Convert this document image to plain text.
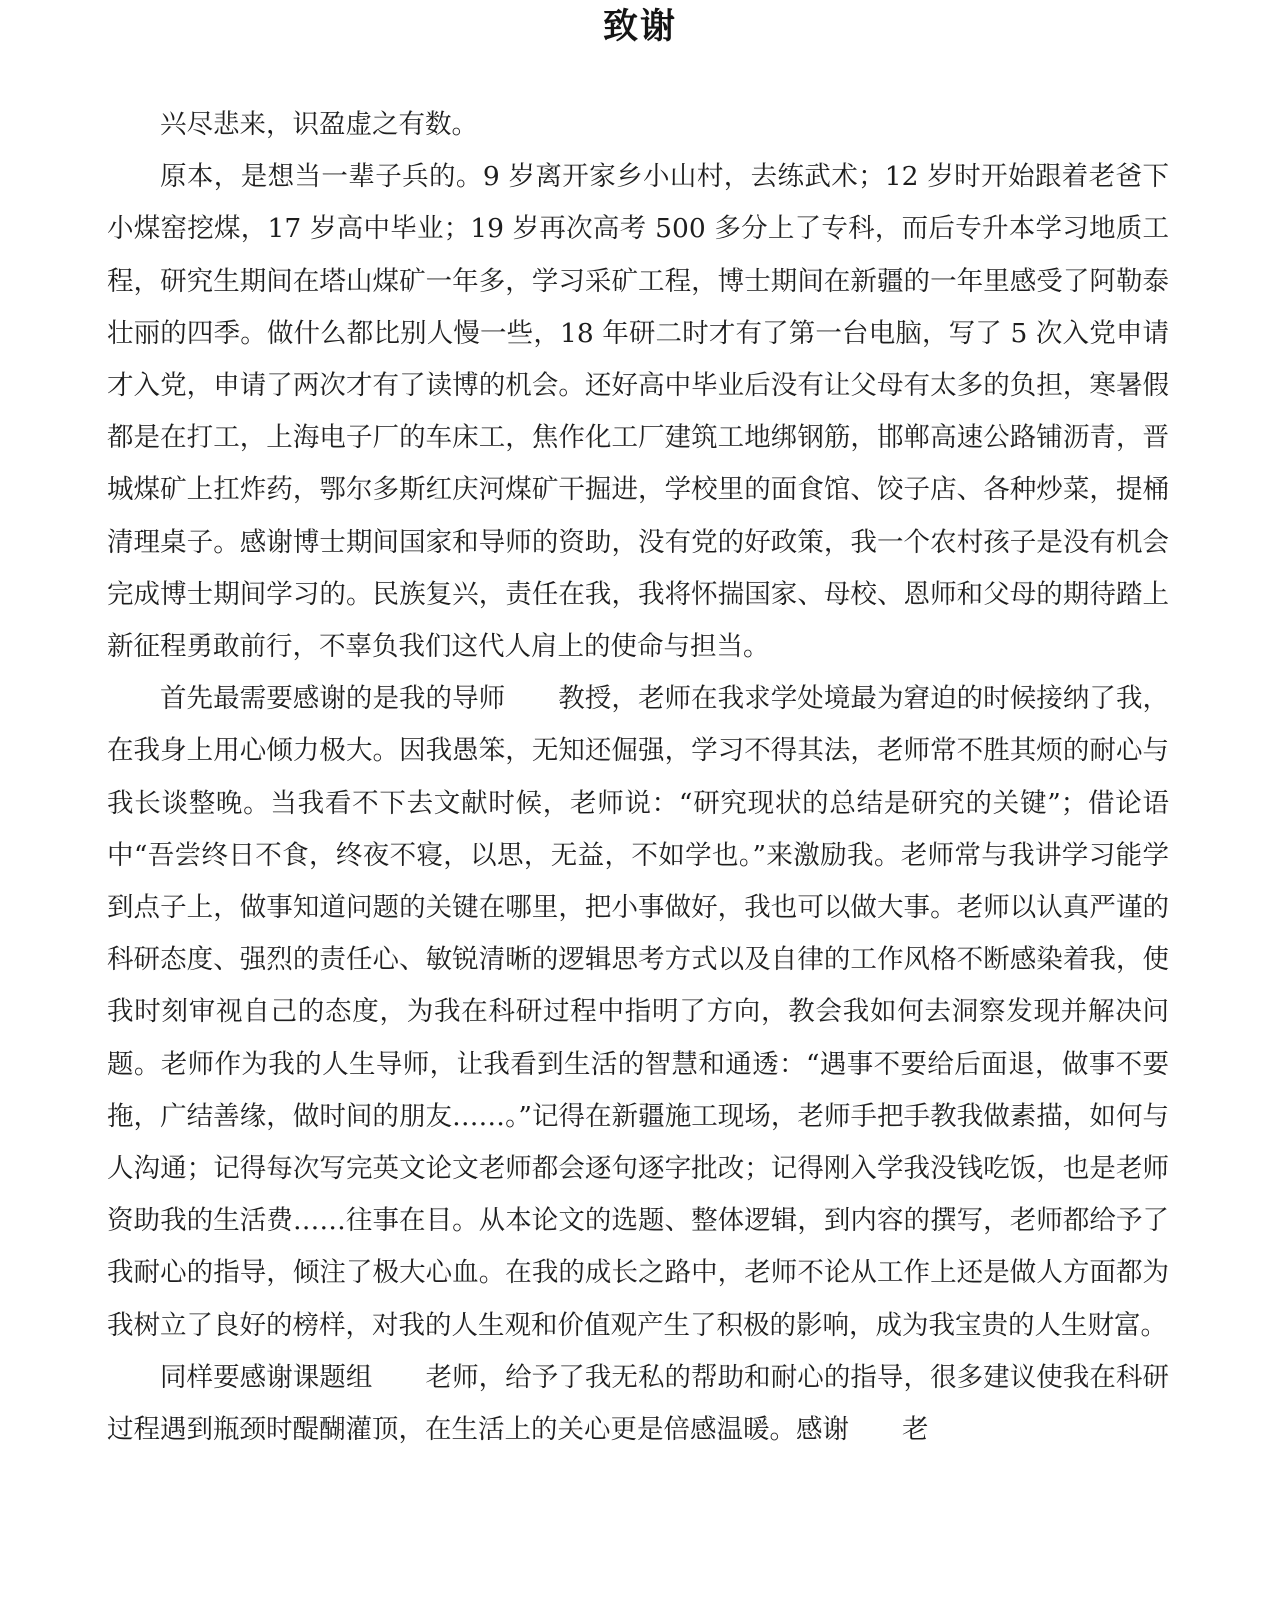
致谢

兴尽悲来，识盈虚之有数。

原本，是想当一辈子兵的。9 岁离开家乡小山村，去练武术；12 岁时开始跟着老爸下小煤窑挖煤，17 岁高中毕业；19 岁再次高考 500 多分上了专科，而后专升本学习地质工程，研究生期间在塔山煤矿一年多，学习采矿工程，博士期间在新疆的一年里感受了阿勒泰壮丽的四季。做什么都比别人慢一些，18 年研二时才有了第一台电脑，写了 5 次入党申请才入党，申请了两次才有了读博的机会。还好高中毕业后没有让父母有太多的负担，寒暑假都是在打工，上海电子厂的车床工，焦作化工厂建筑工地绑钢筋，邯郸高速公路铺沥青，晋城煤矿上扛炸药，鄂尔多斯红庆河煤矿干掘进，学校里的面食馆、饺子店、各种炒菜，提桶清理桌子。感谢博士期间国家和导师的资助，没有党的好政策，我一个农村孩子是没有机会完成博士期间学习的。民族复兴，责任在我，我将怀揣国家、母校、恩师和父母的期待踏上新征程勇敢前行，不辜负我们这代人肩上的使命与担当。

首先最需要感谢的是我的导师 教授，老师在我求学处境最为窘迫的时候接纳了我，在我身上用心倾力极大。因我愚笨，无知还倔强，学习不得其法，老师常不胜其烦的耐心与我长谈整晚。当我看不下去文献时候，老师说：“研究现状的总结是研究的关键”；借论语中“吾尝终日不食，终夜不寝，以思，无益，不如学也。”来激励我。老师常与我讲学习能学到点子上，做事知道问题的关键在哪里，把小事做好，我也可以做大事。老师以认真严谨的科研态度、强烈的责任心、敏锐清晰的逻辑思考方式以及自律的工作风格不断感染着我，使我时刻审视自己的态度，为我在科研过程中指明了方向，教会我如何去洞察发现并解决问题。老师作为我的人生导师，让我看到生活的智慧和通透：“遇事不要给后面退，做事不要拖，广结善缘，做时间的朋友……。”记得在新疆施工现场，老师手把手教我做素描，如何与人沟通；记得每次写完英文论文老师都会逐句逐字批改；记得刚入学我没钱吃饭，也是老师资助我的生活费……往事在目。从本论文的选题、整体逻辑，到内容的撰写，老师都给予了我耐心的指导，倾注了极大心血。在我的成长之路中，老师不论从工作上还是做人方面都为我树立了良好的榜样，对我的人生观和价值观产生了积极的影响，成为我宝贵的人生财富。

同样要感谢课题组 老师，给予了我无私的帮助和耐心的指导，很多建议使我在科研过程遇到瓶颈时醍醐灌顶，在生活上的关心更是倍感温暖。感谢 老
